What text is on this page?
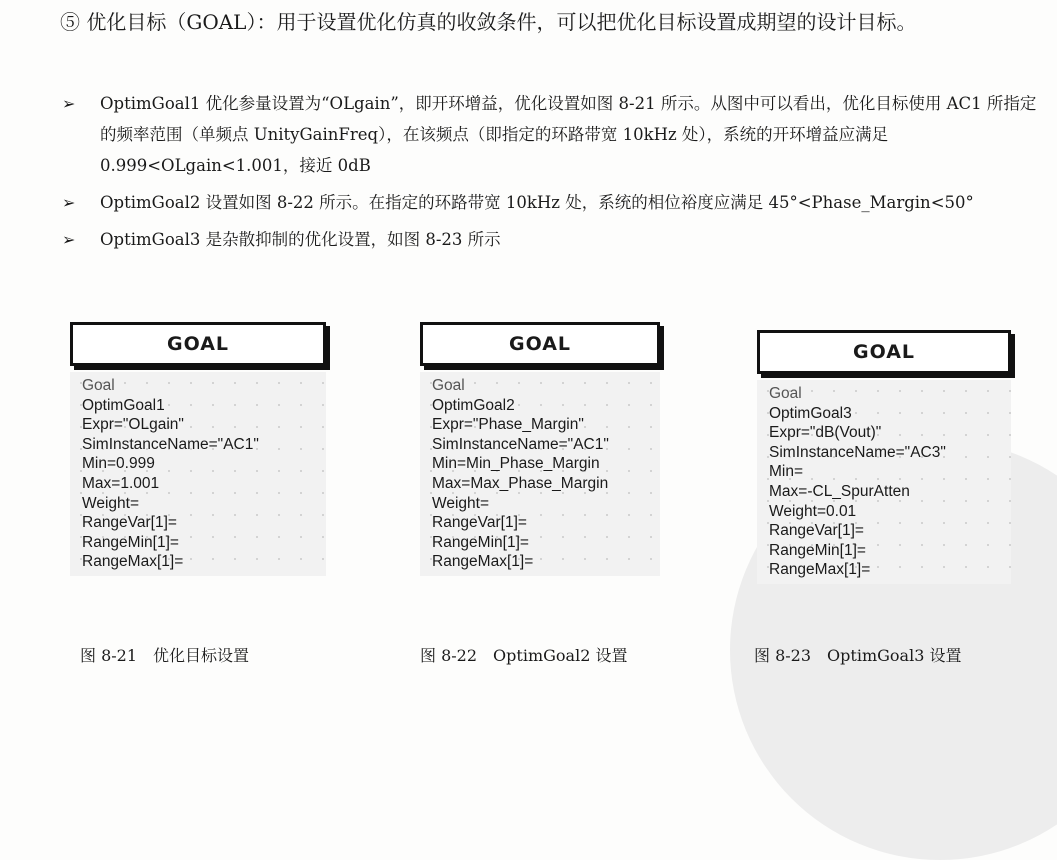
⑤ 优化目标（GOAL）：用于设置优化仿真的收敛条件，可以把优化目标设置成期望的设计目标。

➢ OptimGoal1 优化参量设置为“OLgain”，即开环增益，优化设置如图 8-21 所示。从图中可以看出，优化目标使用 AC1 所指定的频率范围（单频点 UnityGainFreq），在该频点（即指定的环路带宽 10kHz 处），系统的开环增益应满足 0.999<OLgain<1.001，接近 0dB
➢ OptimGoal2 设置如图 8-22 所示。在指定的环路带宽 10kHz 处，系统的相位裕度应满足 45°<Phase_Margin<50°
➢ OptimGoal3 是杂散抑制的优化设置，如图 8-23 所示
GOAL
Goal
OptimGoal1
Expr="OLgain"
SimInstanceName="AC1"
Min=0.999
Max=1.001
Weight=
RangeVar[1]=
RangeMin[1]=
RangeMax[1]=
GOAL
Goal
OptimGoal2
Expr="Phase_Margin"
SimInstanceName="AC1"
Min=Min_Phase_Margin
Max=Max_Phase_Margin
Weight=
RangeVar[1]=
RangeMin[1]=
RangeMax[1]=
GOAL
Goal
OptimGoal3
Expr="dB(Vout)"
SimInstanceName="AC3"
Min=
Max=-CL_SpurAtten
Weight=0.01
RangeVar[1]=
RangeMin[1]=
RangeMax[1]=
图 8-21 优化目标设置	图 8-22 OptimGoal2 设置	图 8-23 OptimGoal3 设置
